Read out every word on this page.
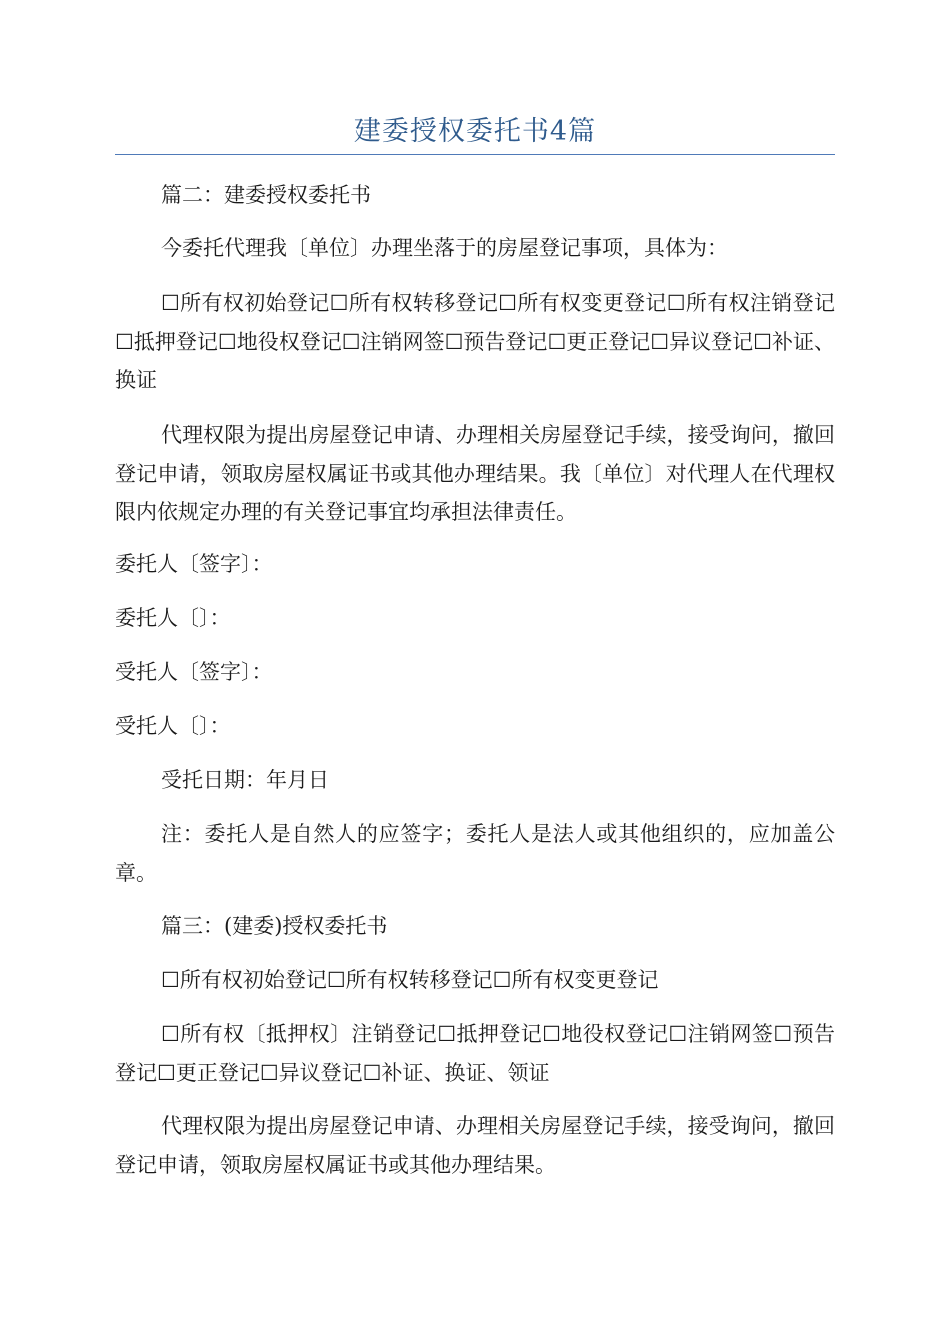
建委授权委托书4篇

篇二：建委授权委托书

今委托代理我〔单位〕办理坐落于的房屋登记事项，具体为：

☐所有权初始登记☐所有权转移登记☐所有权变更登记☐所有权注销登记☐抵押登记☐地役权登记☐注销网签☐预告登记☐更正登记☐异议登记☐补证、换证

代理权限为提出房屋登记申请、办理相关房屋登记手续，接受询问，撤回登记申请，领取房屋权属证书或其他办理结果。我〔单位〕对代理人在代理权限内依规定办理的有关登记事宜均承担法律责任。

委托人〔签字〕：

委托人〔〕：

受托人〔签字〕：

受托人〔〕：

受托日期：年月日

注：委托人是自然人的应签字；委托人是法人或其他组织的，应加盖公章。

篇三：(建委)授权委托书

☐所有权初始登记☐所有权转移登记☐所有权变更登记

☐所有权〔抵押权〕注销登记☐抵押登记☐地役权登记☐注销网签☐预告登记☐更正登记☐异议登记☐补证、换证、领证

代理权限为提出房屋登记申请、办理相关房屋登记手续，接受询问，撤回登记申请，领取房屋权属证书或其他办理结果。
